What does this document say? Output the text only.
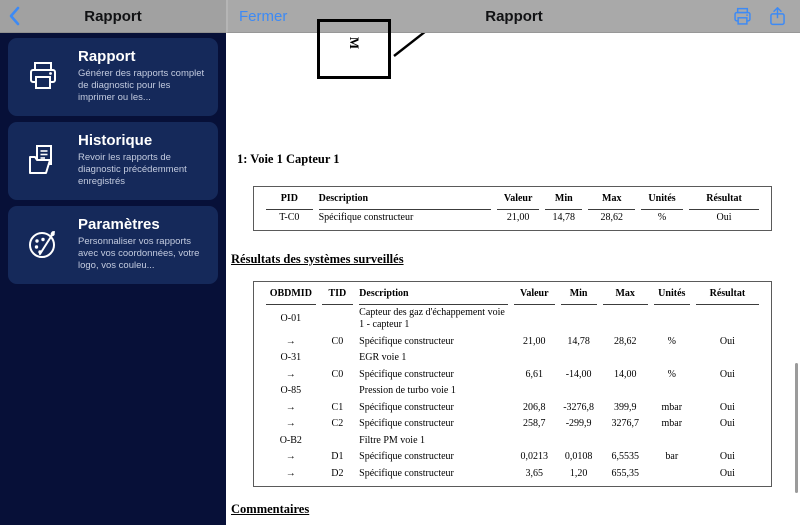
Rapport	Fermer	Rapport
Rapport
Générer des rapports complet de diagnostic pour les imprimer ou les...
Historique
Revoir les rapports de diagnostic précédemment enregistrés
Paramètres
Personnaliser vos rapports avec vos coordonnées, votre logo, vos couleu...
M
1: Voie 1 Capteur 1
PID	Description	Valeur	Min	Max	Unités	Résultat
T-C0	Spécifique constructeur	21,00	14,78	28,62	%	Oui
Résultats des systèmes surveillés
OBDMID	TID	Description	Valeur	Min	Max	Unités	Résultat
O-01		Capteur des gaz d'échappement voie 1 - capteur 1					
→	C0	Spécifique constructeur	21,00	14,78	28,62	%	Oui
O-31		EGR voie 1					
→	C0	Spécifique constructeur	6,61	-14,00	14,00	%	Oui
O-85		Pression de turbo voie 1					
→	C1	Spécifique constructeur	206,8	-3276,8	399,9	mbar	Oui
→	C2	Spécifique constructeur	258,7	-299,9	3276,7	mbar	Oui
O-B2		Filtre PM voie 1					
→	D1	Spécifique constructeur	0,0213	0,0108	6,5535	bar	Oui
→	D2	Spécifique constructeur	3,65	1,20	655,35		Oui
Commentaires
